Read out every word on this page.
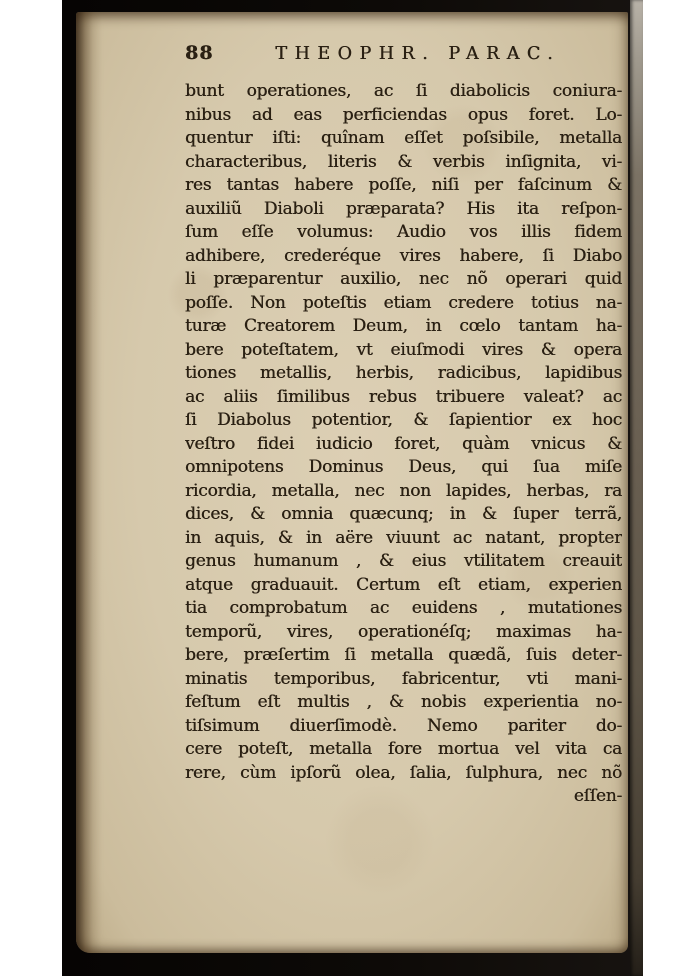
88	THEOPHR. PARAC.
bunt operationes, ac ſi diabolicis coniura-
nibus ad eas perficiendas opus foret. Lo-
quentur iſti: quînam eſſet poſsibile, metalla
characteribus, literis & verbis inſignita, vi-
res tantas habere poſſe, niſi per faſcinum &
auxiliũ Diaboli præparata? His ita reſpon-
ſum eſſe volumus: Audio vos illis fidem
adhibere, crederéque vires habere, ſi Diabo
li præparentur auxilio, nec nõ operari quid
poſſe. Non poteſtis etiam credere totius na-
turæ Creatorem Deum, in cœlo tantam ha-
bere poteſtatem, vt eiuſmodi vires & opera
tiones metallis, herbis, radicibus, lapidibus
ac aliis ſimilibus rebus tribuere valeat? ac
ſi Diabolus potentior, & ſapientior ex hoc
veſtro fidei iudicio foret, quàm vnicus &
omnipotens Dominus Deus, qui ſua miſe
ricordia, metalla, nec non lapides, herbas, ra
dices, & omnia quæcunq; in & ſuper terrã,
in aquis, & in aëre viuunt ac natant, propter
genus humanum , & eius vtilitatem creauit
atque graduauit. Certum eſt etiam, experien
tia comprobatum ac euidens , mutationes
temporũ, vires, operationéſq; maximas ha-
bere, præſertim ſi metalla quædã, ſuis deter-
minatis temporibus, fabricentur, vti mani-
feſtum eſt multis , & nobis experientia no-
tiſsimum diuerſimodè. Nemo pariter do-
cere poteſt, metalla fore mortua vel vita ca
rere, cùm ipſorũ olea, ſalia, ſulphura, nec nõ
eſſen-
